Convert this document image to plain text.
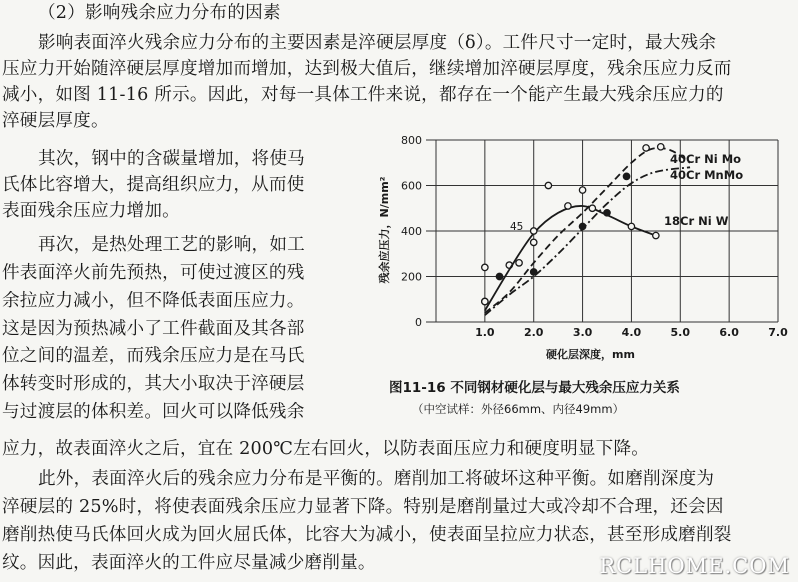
（2）影响残余应力分布的因素
影响表面淬火残余应力分布的主要因素是淬硬层厚度（δ）。工件尺寸一定时，最大残余
压应力开始随淬硬层厚度增加而增加，达到极大值后，继续增加淬硬层厚度，残余压应力反而
减小，如图 11-16 所示。因此，对每一具体工件来说，都存在一个能产生最大残余压应力的
淬硬层厚度。
其次，钢中的含碳量增加，将使马
氏体比容增大，提高组织应力，从而使
表面残余压应力增加。
再次，是热处理工艺的影响，如工
件表面淬火前先预热，可使过渡区的残
余拉应力减小，但不降低表面压应力。
这是因为预热减小了工件截面及其各部
位之间的温差，而残余压应力是在马氏
体转变时形成的，其大小取决于淬硬层
与过渡层的体积差。回火可以降低残余
应力，故表面淬火之后，宜在 200℃左右回火，以防表面压应力和硬度明显下降。
此外，表面淬火后的残余应力分布是平衡的。磨削加工将破坏这种平衡。如磨削深度为
淬硬层的 25%时，将使表面残余压应力显著下降。特别是磨削量过大或冷却不合理，还会因
磨削热使马氏体回火成为回火屈氏体，比容大为减小，使表面呈拉应力状态，甚至形成磨削裂
纹。因此，表面淬火的工件应尽量减少磨削量。
0
200
400
600
800
1.0	2.0	3.0	4.0	5.0	6.0	7.0
硬化层深度，mm
残余应压力，N/mm²
40Cr Ni Mo
40Cr MnMo
18Cr Ni W
45
图11-16 不同钢材硬化层与最大残余压应力关系
（中空试样：外径66mm、内径49mm）
RCLHOME.COM
